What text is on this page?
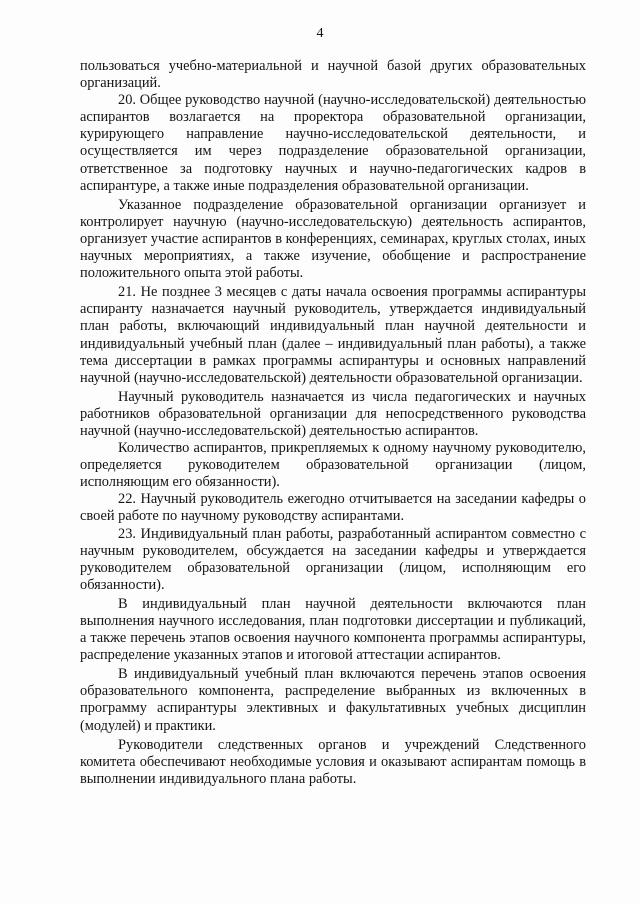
4

пользоваться учебно-материальной и научной базой других образовательных организаций.

20. Общее руководство научной (научно-исследовательской) деятельностью аспирантов возлагается на проректора образовательной организации, курирующего направление научно-исследовательской деятельности, и осуществляется им через подразделение образовательной организации, ответственное за подготовку научных и научно-педагогических кадров в аспирантуре, а также иные подразделения образовательной организации.

Указанное подразделение образовательной организации организует и контролирует научную (научно-исследовательскую) деятельность аспирантов, организует участие аспирантов в конференциях, семинарах, круглых столах, иных научных мероприятиях, а также изучение, обобщение и распространение положительного опыта этой работы.

21. Не позднее 3 месяцев с даты начала освоения программы аспирантуры аспиранту назначается научный руководитель, утверждается индивидуальный план работы, включающий индивидуальный план научной деятельности и индивидуальный учебный план (далее – индивидуальный план работы), а также тема диссертации в рамках программы аспирантуры и основных направлений научной (научно-исследовательской) деятельности образовательной организации.

Научный руководитель назначается из числа педагогических и научных работников образовательной организации для непосредственного руководства научной (научно-исследовательской) деятельностью аспирантов.

Количество аспирантов, прикрепляемых к одному научному руководителю, определяется руководителем образовательной организации (лицом, исполняющим его обязанности).

22. Научный руководитель ежегодно отчитывается на заседании кафедры о своей работе по научному руководству аспирантами.

23. Индивидуальный план работы, разработанный аспирантом совместно с научным руководителем, обсуждается на заседании кафедры и утверждается руководителем образовательной организации (лицом, исполняющим его обязанности).

В индивидуальный план научной деятельности включаются план выполнения научного исследования, план подготовки диссертации и публикаций, а также перечень этапов освоения научного компонента программы аспирантуры, распределение указанных этапов и итоговой аттестации аспирантов.

В индивидуальный учебный план включаются перечень этапов освоения образовательного компонента, распределение выбранных из включенных в программу аспирантуры элективных и факультативных учебных дисциплин (модулей) и практики.

Руководители следственных органов и учреждений Следственного комитета обеспечивают необходимые условия и оказывают аспирантам помощь в выполнении индивидуального плана работы.
